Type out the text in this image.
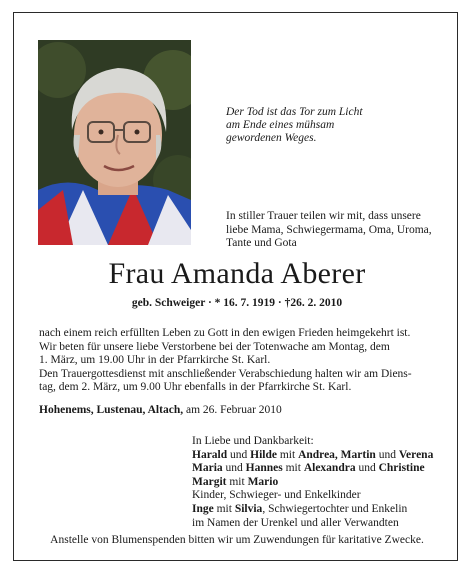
Der Tod ist das Tor zum Licht
am Ende eines mühsam
gewordenen Weges.
In stiller Trauer teilen wir mit, dass unsere
liebe Mama, Schwiegermama, Oma, Uroma,
Tante und Gota
Frau Amanda Aberer
geb. Schweiger · * 16. 7. 1919 · †26. 2. 2010
nach einem reich erfüllten Leben zu Gott in den ewigen Frieden heimgekehrt ist.
Wir beten für unsere liebe Verstorbene bei der Totenwache am Montag, dem
1. März, um 19.00 Uhr in der Pfarrkirche St. Karl.
Den Trauergottesdienst mit anschließender Verabschiedung halten wir am Diens-
tag, dem 2. März, um 9.00 Uhr ebenfalls in der Pfarrkirche St. Karl.
Hohenems, Lustenau, Altach, am 26. Februar 2010
In Liebe und Dankbarkeit:
Harald und Hilde mit Andrea, Martin und Verena
Maria und Hannes mit Alexandra und Christine
Margit mit Mario
Kinder, Schwieger- und Enkelkinder
Inge mit Silvia, Schwiegertochter und Enkelin
im Namen der Urenkel und aller Verwandten
Anstelle von Blumenspenden bitten wir um Zuwendungen für karitative Zwecke.
